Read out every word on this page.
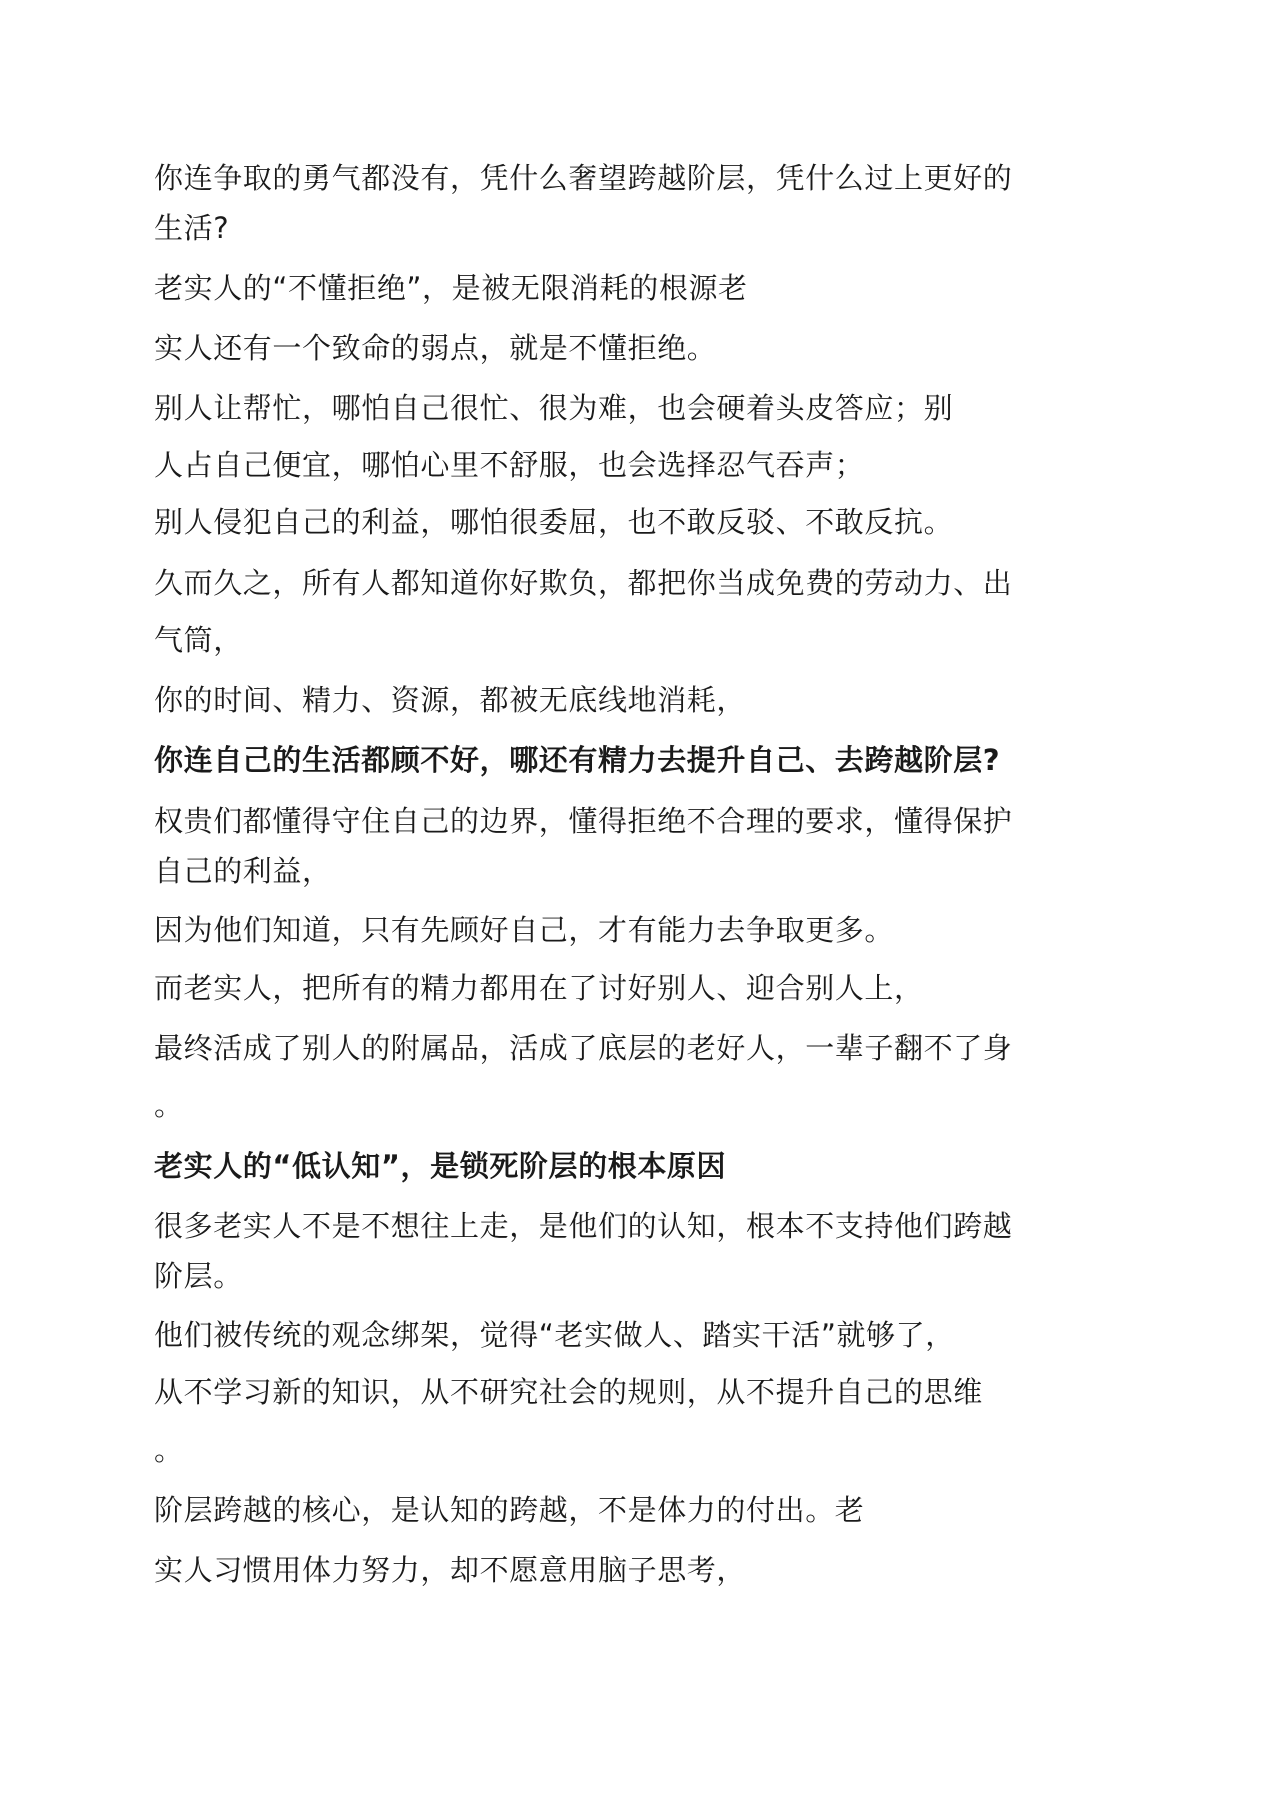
你连争取的勇气都没有，凭什么奢望跨越阶层，凭什么过上更好的
生活?
老实人的“不懂拒绝”，是被无限消耗的根源老
实人还有一个致命的弱点，就是不懂拒绝。
别人让帮忙，哪怕自己很忙、很为难，也会硬着头皮答应；别
人占自己便宜，哪怕心里不舒服，也会选择忍气吞声；
别人侵犯自己的利益，哪怕很委屈，也不敢反驳、不敢反抗。
久而久之，所有人都知道你好欺负，都把你当成免费的劳动力、出
气筒，
你的时间、精力、资源，都被无底线地消耗，
你连自己的生活都顾不好，哪还有精力去提升自己、去跨越阶层?
权贵们都懂得守住自己的边界，懂得拒绝不合理的要求，懂得保护
自己的利益，
因为他们知道，只有先顾好自己，才有能力去争取更多。
而老实人，把所有的精力都用在了讨好别人、迎合别人上，
最终活成了别人的附属品，活成了底层的老好人，一辈子翻不了身
。
老实人的“低认知”，是锁死阶层的根本原因
很多老实人不是不想往上走，是他们的认知，根本不支持他们跨越
阶层。
他们被传统的观念绑架，觉得“老实做人、踏实干活”就够了，
从不学习新的知识，从不研究社会的规则，从不提升自己的思维
。
阶层跨越的核心，是认知的跨越，不是体力的付出。老
实人习惯用体力努力，却不愿意用脑子思考，
